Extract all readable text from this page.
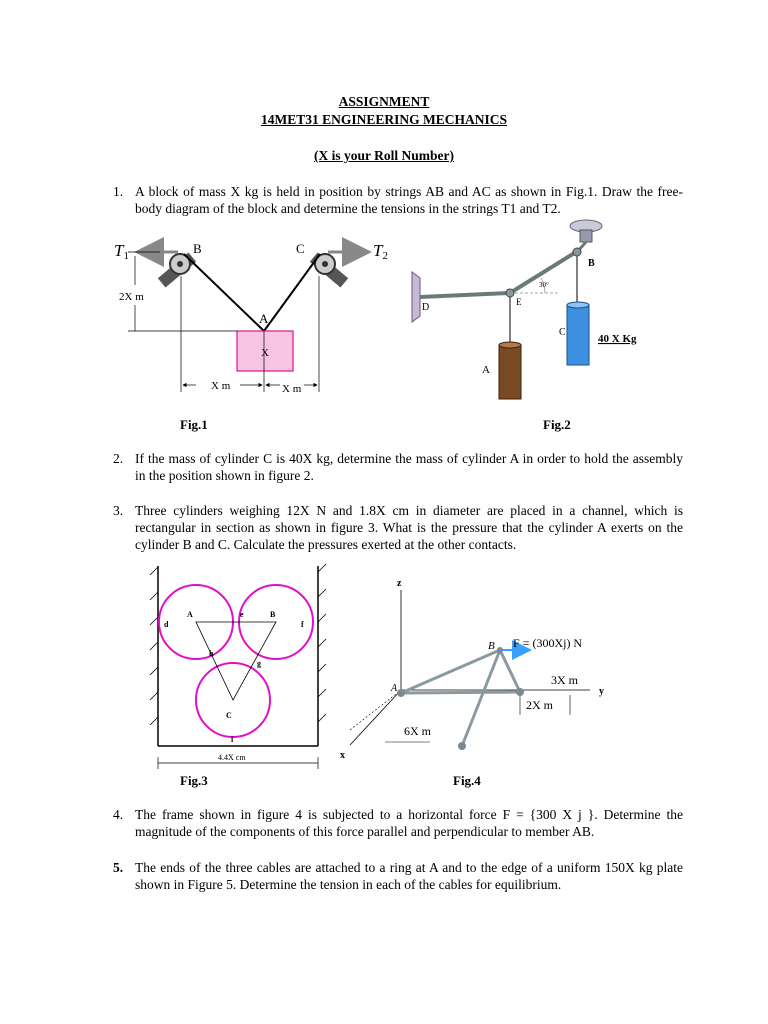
ASSIGNMENT
14MET31 ENGINEERING MECHANICS
(X is your Roll Number)
1. A block of mass X kg is held in position by strings AB and AC as shown in Fig.1. Draw the free-body diagram of the block and determine the tensions in the strings T1 and T2.
T1	T2
B	C
A
X
2X m
X m	X m
B
D	E
30°
C
40 X Kg
A
A	e	B
d	f
h
g
C
i
4.4X cm
z
B F = (300Xj) N
A
3X m
y
2X m
6X m
x
Fig.1	Fig.2
2. If the mass of cylinder C is 40X kg, determine the mass of cylinder A in order to hold the assembly in the position shown in figure 2.
3. Three cylinders weighing 12X N and 1.8X cm in diameter are placed in a channel, which is rectangular in section as shown in figure 3. What is the pressure that the cylinder A exerts on the cylinder B and C. Calculate the pressures exerted at the other contacts.
Fig.3	Fig.4
4. The frame shown in figure 4 is subjected to a horizontal force F = {300 X j }. Determine the magnitude of the components of this force parallel and perpendicular to member AB.
5. The ends of the three cables are attached to a ring at A and to the edge of a uniform 150X kg plate shown in Figure 5. Determine the tension in each of the cables for equilibrium.
